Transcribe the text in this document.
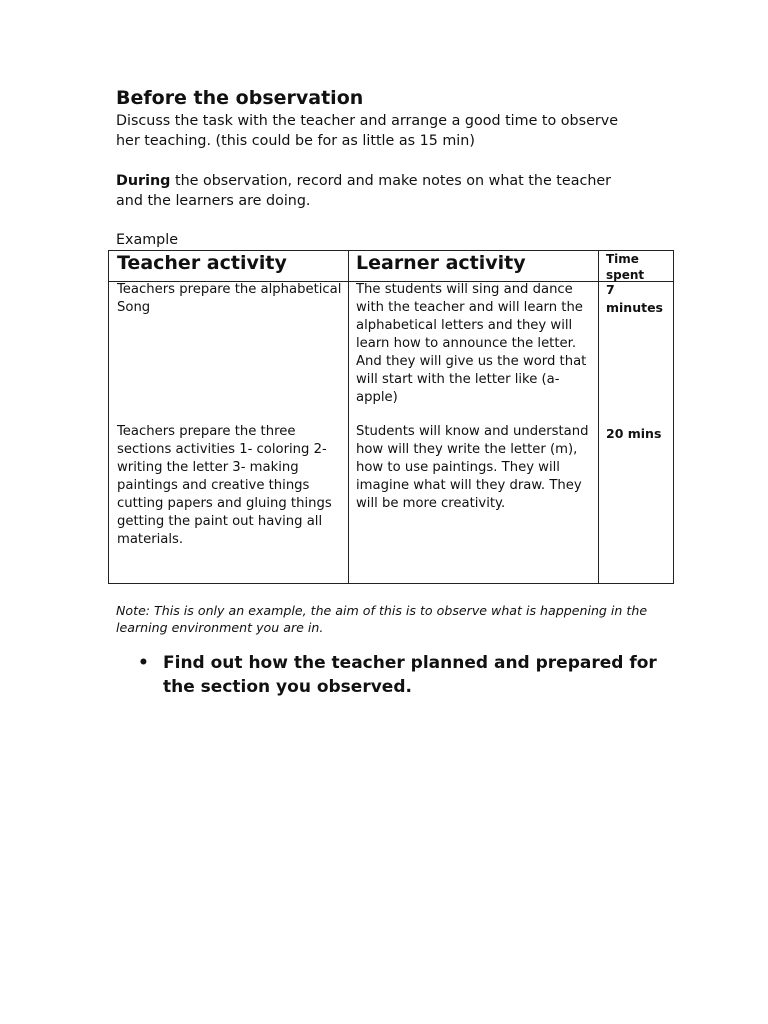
Before the observation

Discuss the task with the teacher and arrange a good time to observe her teaching. (this could be for as little as 15 min)

During the observation, record and make notes on what the teacher and the learners are doing.

Example

Teacher activity	Learner activity	Time spent
Teachers prepare the alphabetical
Song
The students will sing and dance with the teacher and will learn the alphabetical letters and they will learn how to announce the letter. And they will give us the word that will start with the letter like (a-apple)
7 minutes
Teachers prepare the three sections activities 1- coloring 2-writing the letter 3- making paintings and creative things cutting papers and gluing things getting the paint out having all materials.
Students will know and understand how will they write the letter (m), how to use paintings. They will imagine what will they draw. They will be more creativity.
20 mins

Note: This is only an example, the aim of this is to observe what is happening in the learning environment you are in.

• Find out how the teacher planned and prepared for the section you observed.
